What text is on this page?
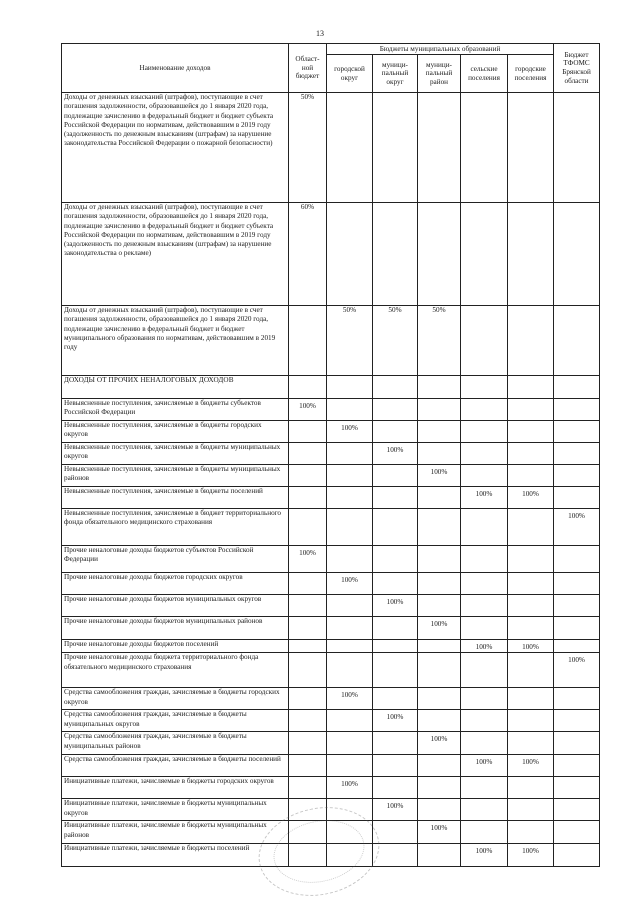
13
Наименование доходов	Област-ной бюджет	Бюджеты муниципальных образований					Бюджет ТФОМС Брянской области
		городской округ	муници-пальный округ	муници-пальный район	сельские поселения	городские поселения	
Доходы от денежных взысканий (штрафов), поступающие в счет погашения задолженности, образовавшейся до 1 января 2020 года, подлежащие зачислению в федеральный бюджет и бюджет субъекта Российской Федерации по нормативам, действовавшим в 2019 году (задолженность по денежным взысканиям (штрафам) за нарушение законодательства Российской Федерации о пожарной безопасности)	50%						
Доходы от денежных взысканий (штрафов), поступающие в счет погашения задолженности, образовавшейся до 1 января 2020 года, подлежащие зачислению в федеральный бюджет и бюджет субъекта Российской Федерации по нормативам, действовавшим в 2019 году (задолженность по денежным взысканиям (штрафам) за нарушение законодательства о рекламе)	60%						
Доходы от денежных взысканий (штрафов), поступающие в счет погашения задолженности, образовавшейся до 1 января 2020 года, подлежащие зачислению в федеральный бюджет и бюджет муниципального образования по нормативам, действовавшим в 2019 году		50%	50%	50%			
ДОХОДЫ ОТ ПРОЧИХ НЕНАЛОГОВЫХ ДОХОДОВ							
Невыясненные поступления, зачисляемые в бюджеты субъектов Российской Федерации	100%						
Невыясненные поступления, зачисляемые в бюджеты городских округов		100%					
Невыясненные поступления, зачисляемые в бюджеты муниципальных округов			100%				
Невыясненные поступления, зачисляемые в бюджеты муниципальных районов				100%			
Невыясненные поступления, зачисляемые в бюджеты поселений					100%	100%	
Невыясненные поступления, зачисляемые в бюджет территориального фонда обязательного медицинского страхования							100%
Прочие неналоговые доходы бюджетов субъектов Российской Федерации	100%						
Прочие неналоговые доходы бюджетов городских округов		100%					
Прочие неналоговые доходы бюджетов муниципальных округов			100%				
Прочие неналоговые доходы бюджетов муниципальных районов				100%			
Прочие неналоговые доходы бюджетов поселений					100%	100%	
Прочие неналоговые доходы бюджета территориального фонда обязательного медицинского страхования							100%
Средства самообложения граждан, зачисляемые в бюджеты городских округов		100%					
Средства самообложения граждан, зачисляемые в бюджеты муниципальных округов			100%				
Средства самообложения граждан, зачисляемые в бюджеты муниципальных районов				100%			
Средства самообложения граждан, зачисляемые в бюджеты поселений					100%	100%	
Инициативные платежи, зачисляемые в бюджеты городских округов		100%					
Инициативные платежи, зачисляемые в бюджеты муниципальных округов			100%				
Инициативные платежи, зачисляемые в бюджеты муниципальных районов				100%			
Инициативные платежи, зачисляемые в бюджеты поселений					100%	100%	
